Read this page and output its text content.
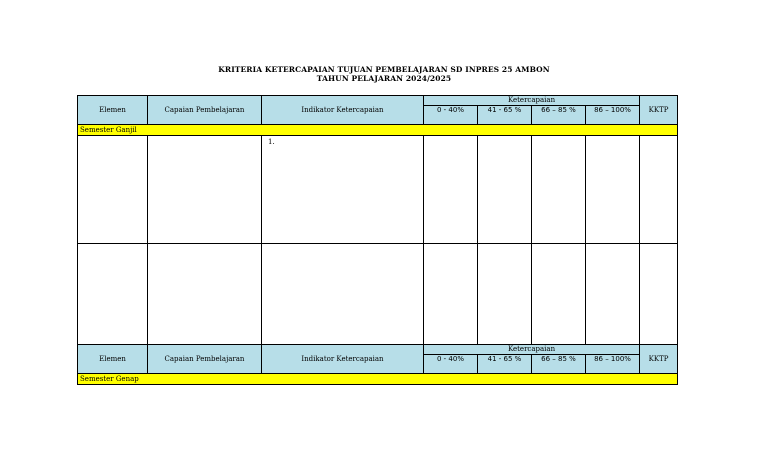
KRITERIA KETERCAPAIAN TUJUAN PEMBELAJARAN SD INPRES 25 AMBON
TAHUN PELAJARAN 2024/2025
Elemen	Capaian Pembelajaran	Indikator Ketercapaian	Ketercapaian				KKTP
			0 - 40%	41 - 65 %	66 – 85 %	86 – 100%	
Semester Ganjil							
		1.					

Elemen	Capaian Pembelajaran	Indikator Ketercapaian	Ketercapaian				KKTP
			0 - 40%	41 - 65 %	66 – 85 %	86 – 100%	
Semester Genap							
